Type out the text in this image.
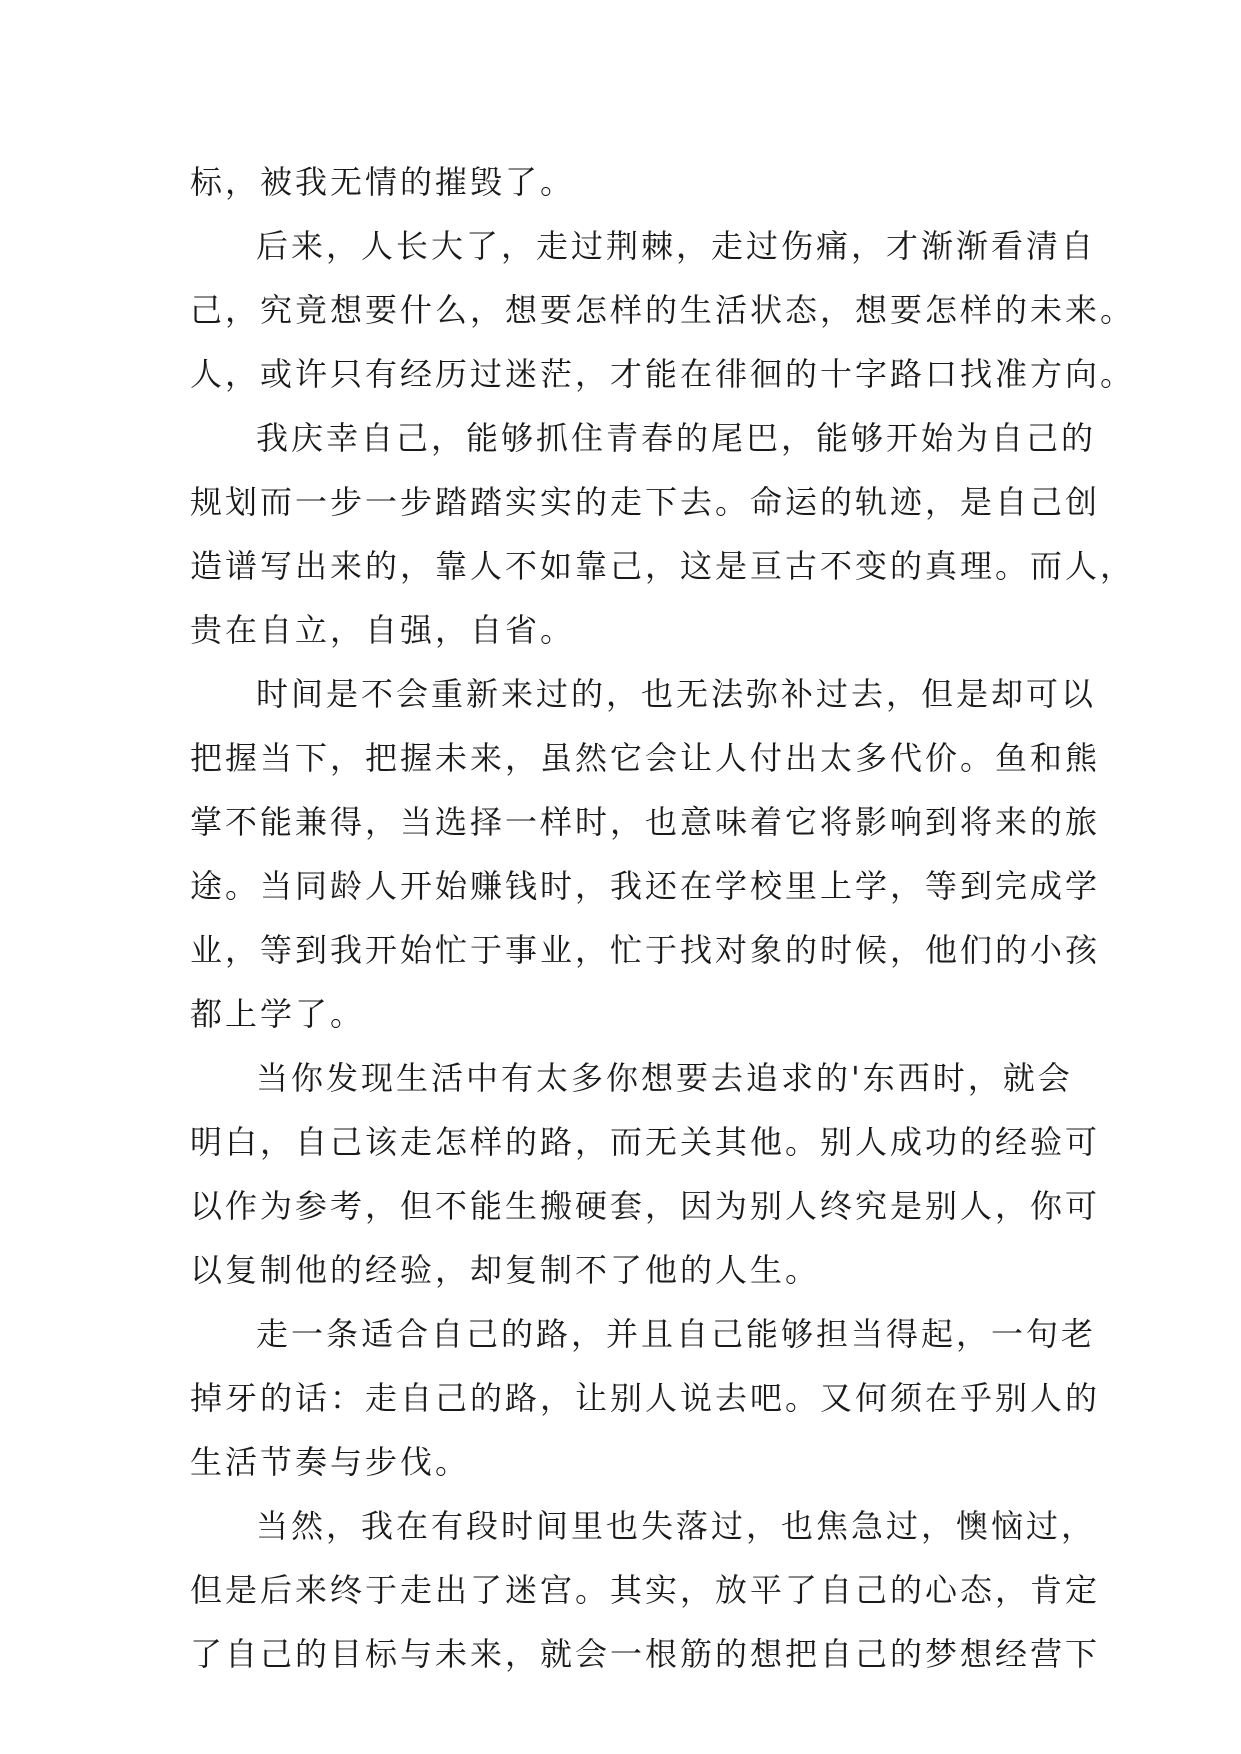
标，被我无情的摧毁了。
后来，人长大了，走过荆棘，走过伤痛，才渐渐看清自
己，究竟想要什么，想要怎样的生活状态，想要怎样的未来。
人，或许只有经历过迷茫，才能在徘徊的十字路口找准方向。
我庆幸自己，能够抓住青春的尾巴，能够开始为自己的
规划而一步一步踏踏实实的走下去。命运的轨迹，是自己创
造谱写出来的，靠人不如靠己，这是亘古不变的真理。而人，
贵在自立，自强，自省。
时间是不会重新来过的，也无法弥补过去，但是却可以
把握当下，把握未来，虽然它会让人付出太多代价。鱼和熊
掌不能兼得，当选择一样时，也意味着它将影响到将来的旅
途。当同龄人开始赚钱时，我还在学校里上学，等到完成学
业，等到我开始忙于事业，忙于找对象的时候，他们的小孩
都上学了。
当你发现生活中有太多你想要去追求的'东西时，就会
明白，自己该走怎样的路，而无关其他。别人成功的经验可
以作为参考，但不能生搬硬套，因为别人终究是别人，你可
以复制他的经验，却复制不了他的人生。
走一条适合自己的路，并且自己能够担当得起，一句老
掉牙的话：走自己的路，让别人说去吧。又何须在乎别人的
生活节奏与步伐。
当然，我在有段时间里也失落过，也焦急过，懊恼过，
但是后来终于走出了迷宫。其实，放平了自己的心态，肯定
了自己的目标与未来，就会一根筋的想把自己的梦想经营下
